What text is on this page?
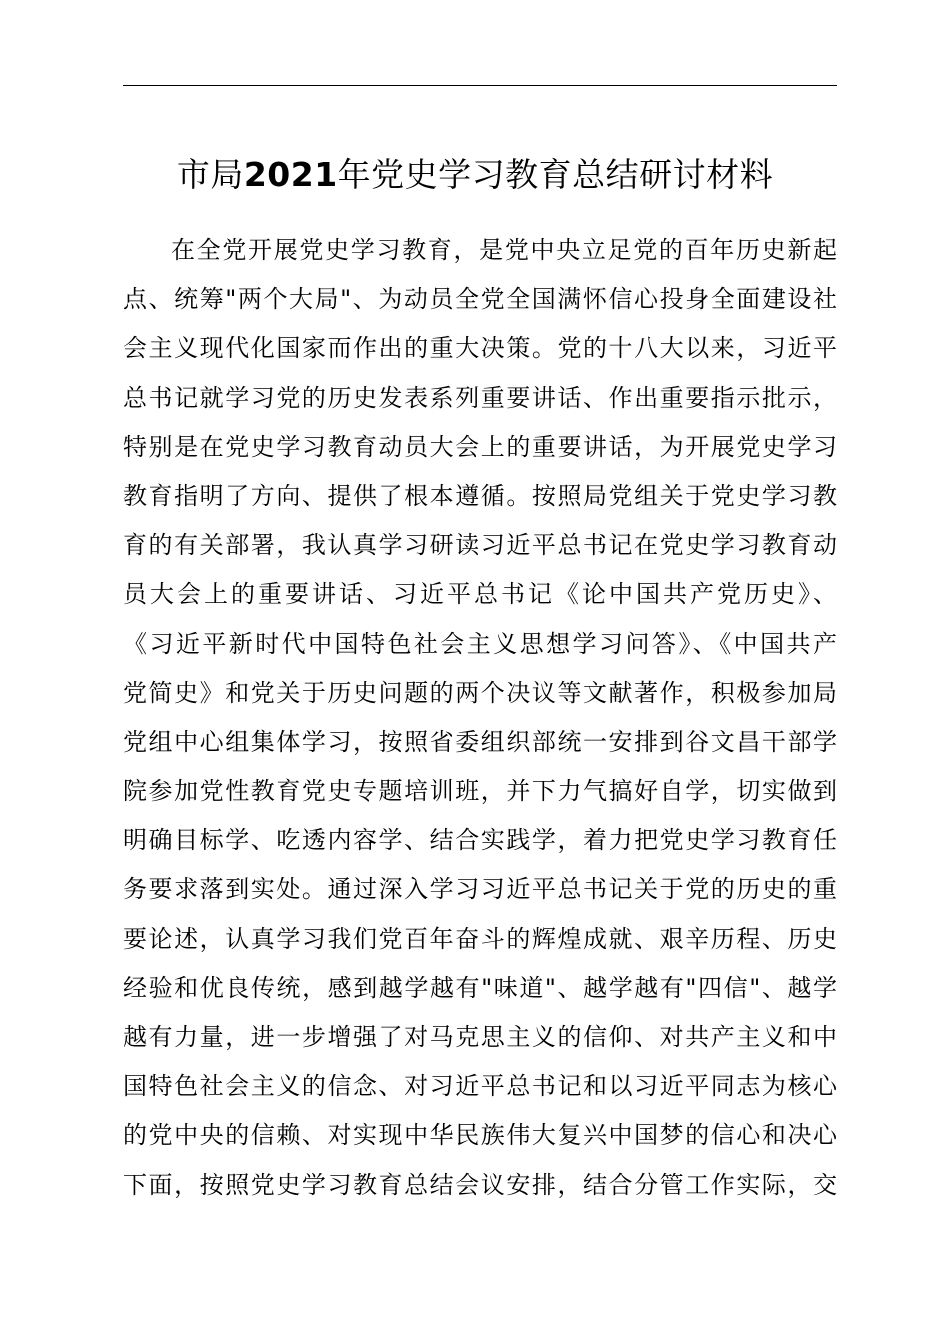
市局2021年党史学习教育总结研讨材料
在全党开展党史学习教育，是党中央立足党的百年历史新起
点、统筹"两个大局"、为动员全党全国满怀信心投身全面建设社
会主义现代化国家而作出的重大决策。党的十八大以来，习近平
总书记就学习党的历史发表系列重要讲话、作出重要指示批示，
特别是在党史学习教育动员大会上的重要讲话，为开展党史学习
教育指明了方向、提供了根本遵循。按照局党组关于党史学习教
育的有关部署，我认真学习研读习近平总书记在党史学习教育动
员大会上的重要讲话、习近平总书记《论中国共产党历史》、
《习近平新时代中国特色社会主义思想学习问答》、《中国共产
党简史》和党关于历史问题的两个决议等文献著作，积极参加局
党组中心组集体学习，按照省委组织部统一安排到谷文昌干部学
院参加党性教育党史专题培训班，并下力气搞好自学，切实做到
明确目标学、吃透内容学、结合实践学，着力把党史学习教育任
务要求落到实处。通过深入学习习近平总书记关于党的历史的重
要论述，认真学习我们党百年奋斗的辉煌成就、艰辛历程、历史
经验和优良传统，感到越学越有"味道"、越学越有"四信"、越学
越有力量，进一步增强了对马克思主义的信仰、对共产主义和中
国特色社会主义的信念、对习近平总书记和以习近平同志为核心
的党中央的信赖、对实现中华民族伟大复兴中国梦的信心和决心
下面，按照党史学习教育总结会议安排，结合分管工作实际，交
